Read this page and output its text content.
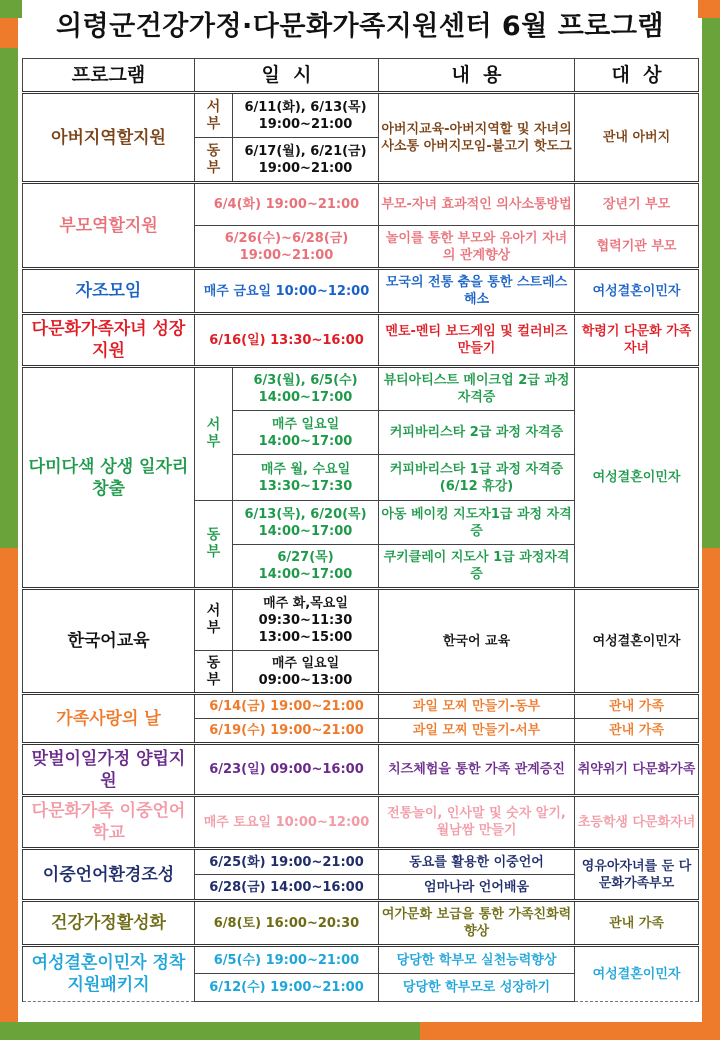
의령군건강가정·다문화가족지원센터 6월 프로그램
프로그램	일  시		내  용	대  상
아버지역할지원	서부	6/11(화), 6/13(목) 19:00~21:00	아버지교육-아버지역할 및 자녀의사소통 아버지모임-불고기 핫도그	관내 아버지

	동부	6/17(월), 6/21(금) 19:00~21:00		
부모역할지원	6/4(화) 19:00~21:00		부모-자녀 효과적인 의사소통방법	장년기 부모
	6/26(수)~6/28(금) 19:00~21:00		놀이를 통한 부모와 유아기 자녀의 관계향상	협력기관 부모
자조모임	매주 금요일 10:00~12:00		모국의 전통 춤을 통한 스트레스 해소	여성결혼이민자
다문화가족자녀 성장지원	6/16(일) 13:30~16:00		멘토-멘티 보드게임 및 컬러비즈 만들기	학령기 다문화 가족자녀
다미다색 상생 일자리 창출	서부	6/3(월), 6/5(수) 14:00~17:00	뷰티아티스트 메이크업 2급 과정 자격증	여성결혼이민자
		매주 일요일 14:00~17:00	커피바리스타 2급 과정 자격증	
		매주 월, 수요일 13:30~17:30	커피바리스타 1급 과정 자격증(6/12 휴강)	

	동부	6/13(목), 6/20(목) 14:00~17:00	아동 베이킹 지도자1급 과정 자격증	
		6/27(목) 14:00~17:00	쿠키클레이 지도사 1급 과정자격증	
한국어교육	서부	매주 화,목요일 09:30~11:30 13:00~15:00	한국어 교육	여성결혼이민자

	동부	매주 일요일 09:00~13:00		
가족사랑의 날	6/14(금) 19:00~21:00		과일 모찌 만들기-동부	관내 가족
	6/19(수) 19:00~21:00		과일 모찌 만들기-서부	관내 가족
맞벌이일가정 양립지원	6/23(일) 09:00~16:00		치즈체험을 통한 가족 관계증진	취약위기 다문화가족
다문화가족 이중언어학교	매주 토요일 10:00~12:00		전통놀이, 인사말 및 숫자 알기, 월남쌈 만들기	초등학생 다문화자녀
이중언어환경조성	6/25(화) 19:00~21:00		동요를 활용한 이중언어	영유아자녀를 둔 다문화가족부모
	6/28(금) 14:00~16:00		엄마나라 언어배움	
건강가정활성화	6/8(토) 16:00~20:30		여가문화 보급을 통한 가족친화력 향상	관내 가족
여성결혼이민자 정착지원패키지	6/5(수) 19:00~21:00		당당한 학부모 실천능력향상	여성결혼이민자
	6/12(수) 19:00~21:00		당당한 학부모로 성장하기	
